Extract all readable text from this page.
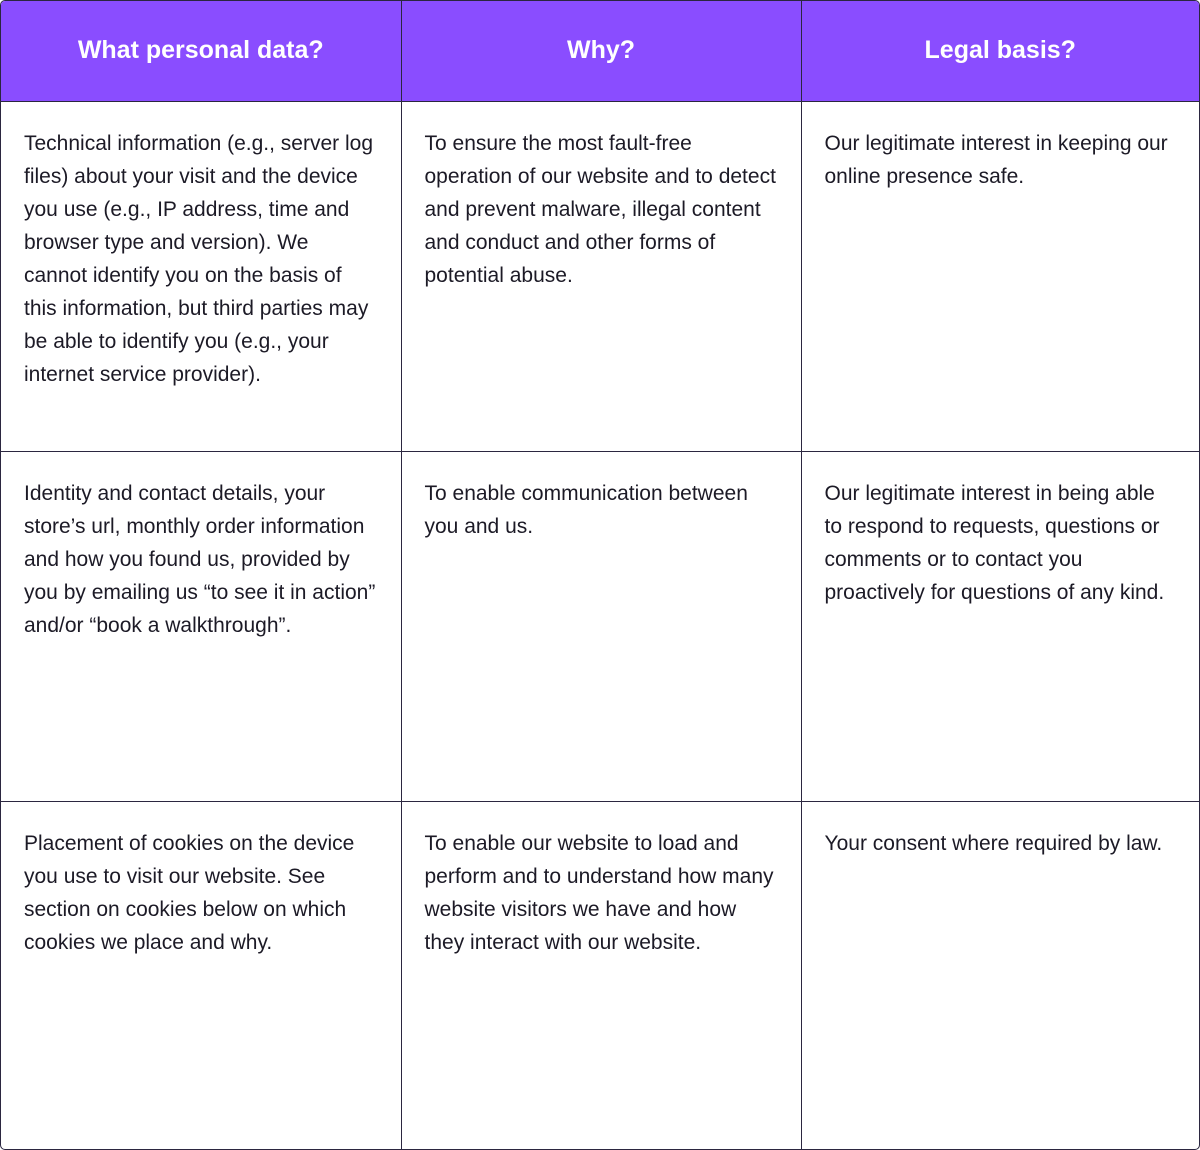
What personal data?	Why?	Legal basis?
Technical information (e.g., server log files) about your visit and the device you use (e.g., IP address, time and browser type and version). We cannot identify you on the basis of this information, but third parties may be able to identify you (e.g., your internet service provider).	To ensure the most fault-free operation of our website and to detect and prevent malware, illegal content and conduct and other forms of potential abuse.	Our legitimate interest in keeping our online presence safe.
Identity and contact details, your store’s url, monthly order information and how you found us, provided by you by emailing us “to see it in action” and/or “book a walkthrough”.	To enable communication between you and us.	Our legitimate interest in being able to respond to requests, questions or comments or to contact you proactively for questions of any kind.
Placement of cookies on the device you use to visit our website. See section on cookies below on which cookies we place and why.	To enable our website to load and perform and to understand how many website visitors we have and how they interact with our website.	Your consent where required by law.
